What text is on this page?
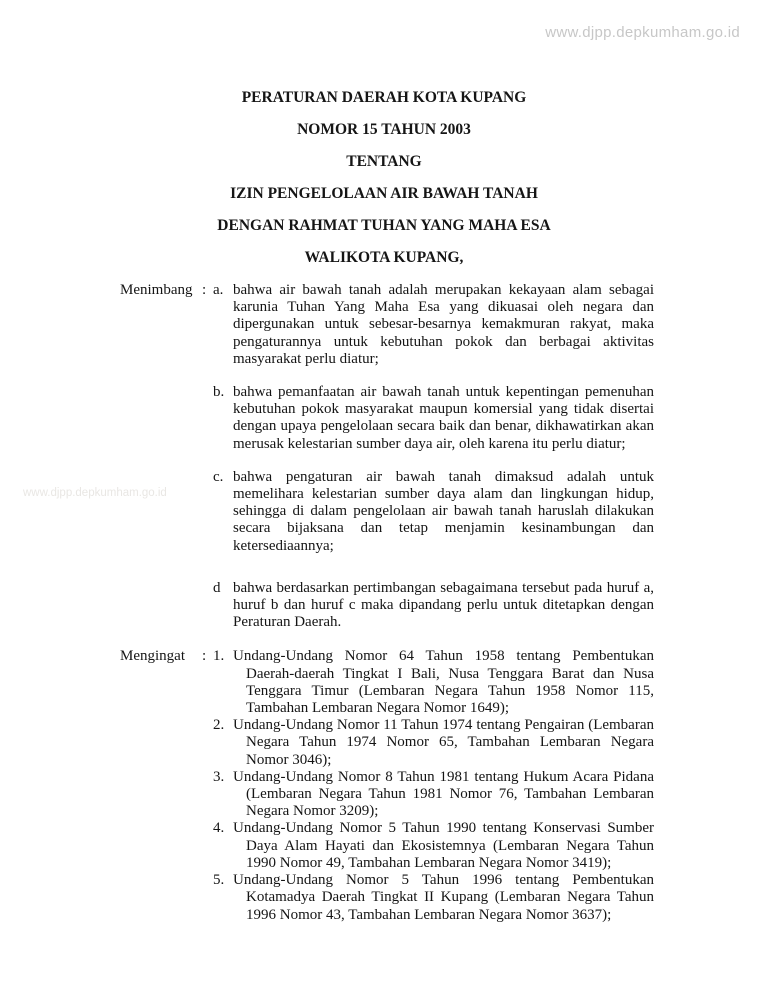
www.djpp.depkumham.go.id
www.djpp.depkumham.go.id
PERATURAN DAERAH KOTA KUPANG
NOMOR 15 TAHUN 2003
TENTANG
IZIN PENGELOLAAN AIR BAWAH TANAH
DENGAN RAHMAT TUHAN YANG MAHA ESA
WALIKOTA KUPANG,
Menimbang : a. bahwa air bawah tanah adalah merupakan kekayaan alam sebagai karunia Tuhan Yang Maha Esa yang dikuasai oleh negara dan dipergunakan untuk sebesar-besarnya kemakmuran rakyat, maka pengaturannya untuk kebutuhan pokok dan berbagai aktivitas masyarakat perlu diatur;
b. bahwa pemanfaatan air bawah tanah untuk kepentingan pemenuhan kebutuhan pokok masyarakat maupun komersial yang tidak disertai dengan upaya pengelolaan secara baik dan benar, dikhawatirkan akan merusak kelestarian sumber daya air, oleh karena itu perlu diatur;
c. bahwa pengaturan air bawah tanah dimaksud adalah untuk memelihara kelestarian sumber daya alam dan lingkungan hidup, sehingga di dalam pengelolaan air bawah tanah haruslah dilakukan secara bijaksana dan tetap menjamin kesinambungan dan ketersediaannya;
d bahwa berdasarkan pertimbangan sebagaimana tersebut pada huruf a, huruf b dan huruf c maka dipandang perlu untuk ditetapkan dengan Peraturan Daerah.
Mengingat	: 1. Undang-Undang Nomor 64 Tahun 1958 tentang Pembentukan Daerah-daerah Tingkat I Bali, Nusa Tenggara Barat dan Nusa Tenggara Timur (Lembaran Negara Tahun 1958 Nomor 115, Tambahan Lembaran Negara Nomor 1649);
2. Undang-Undang Nomor 11 Tahun 1974 tentang Pengairan (Lembaran Negara Tahun 1974 Nomor 65, Tambahan Lembaran Negara Nomor 3046);
3. Undang-Undang Nomor 8 Tahun 1981 tentang Hukum Acara Pidana (Lembaran Negara Tahun 1981 Nomor 76, Tambahan Lembaran Negara Nomor 3209);
4. Undang-Undang Nomor 5 Tahun 1990 tentang Konservasi Sumber Daya Alam Hayati dan Ekosistemnya (Lembaran Negara Tahun 1990 Nomor 49, Tambahan Lembaran Negara Nomor 3419);
5. Undang-Undang Nomor 5 Tahun 1996 tentang Pembentukan Kotamadya Daerah Tingkat II Kupang (Lembaran Negara Tahun 1996 Nomor 43, Tambahan Lembaran Negara Nomor 3637);
